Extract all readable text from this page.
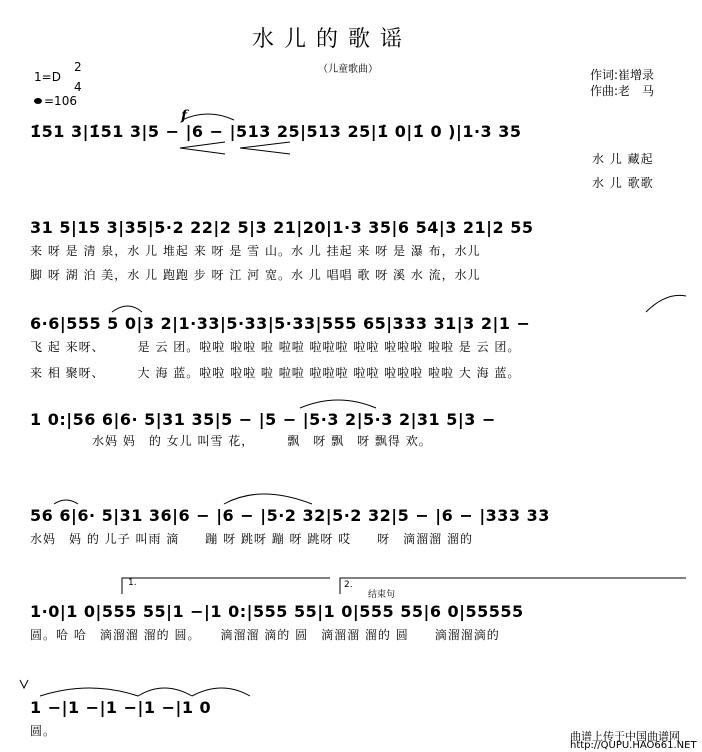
水儿的歌谣
（儿童歌曲）
1=D
2
4
=106
作词:崔增录
作曲:老　马
f
1̇51 3|1̇51 3|5 − |6 − |513 25|513 25|1̇ 0|1̇ 0 )|1·3 35
水 儿 藏起
水 儿 歌歌
31 5|15 3|35|5·2 22|2 5|3 21|20|1·3 35|6 54|3 21|2 55
来 呀 是 清 泉，水 儿 堆起 来 呀 是 雪 山。水 儿 挂起 来 呀 是 瀑 布，水儿
脚 呀 湖 泊 美，水 儿 跑跑 步 呀 江 河 宽。水 儿 唱唱 歌 呀 溪 水 流，水儿
6·6|555 5 0|3 2|1·33|5·33|5·33|555 65|333 31|3 2|1 −
飞 起 来呀、　　　是 云 团。啦啦 啦啦 啦 啦啦 啦啦啦 啦啦 啦啦啦 啦啦 是 云 团。
来 相 聚呀、　　　大 海 蓝。啦啦 啦啦 啦 啦啦 啦啦啦 啦啦 啦啦啦 啦啦 大 海 蓝。
1 0:|56 6|6· 5|31 35|5 − |5 − |5·3 2|5·3 2|31 5|3 −
水妈 妈　的 女儿 叫雪 花，　　　飘　呀 飘　呀 飘得 欢。
56 6|6· 5|31 36|6 − |6 − |5·2 32|5·2 32|5 − |6 − |333 33
水妈　妈 的 儿子 叫雨 滴　　蹦 呀 跳呀 蹦 呀 跳呀 哎　　呀　滴溜溜 溜的
1.	2.
结束句
1·0|1 0|555 55|1 −|1 0:|555 55|1 0|555 55|6 0|55555
圆。哈 哈　滴溜溜 溜的 圆。　　滴溜溜 滴的 圆　滴溜溜 溜的 圆　　滴溜溜滴的
1 −|1 −|1 −|1 −|1 0
圆。	曲谱上传于中国曲谱网
http://QUPU.HAO661.NET
